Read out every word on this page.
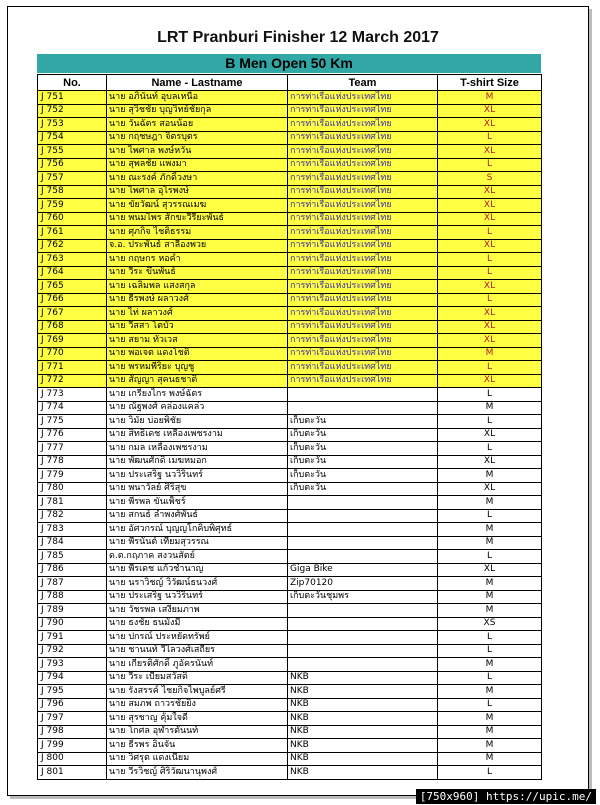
LRT Pranburi Finisher 12 March 2017
B Men Open 50 Km
No.	Name - Lastname	Team	T-shirt Size
J 751	นาย อภินันท์ อุบลเหนือ	การท่าเรือแห่งประเทศไทย	M
J 752	นาย สุวิชชัย บุญวิทย์ชัยกุล	การท่าเรือแห่งประเทศไทย	XL
J 753	นาย วันฉัตร สอนน้อย	การท่าเรือแห่งประเทศไทย	XL
J 754	นาย กฤชษฎา จิตรบุตร	การท่าเรือแห่งประเทศไทย	L
J 755	นาย ไพศาล พงษ์หวัน	การท่าเรือแห่งประเทศไทย	XL
J 756	นาย สุพลชัย แพงมา	การท่าเรือแห่งประเทศไทย	L
J 757	นาย ณะรงค์ ภักดิ์วงษา	การท่าเรือแห่งประเทศไทย	S
J 758	นาย ไพศาล อุไรพงษ์	การท่าเรือแห่งประเทศไทย	XL
J 759	นาย ขัยวัฒน์ สุวรรณเมฆ	การท่าเรือแห่งประเทศไทย	XL
J 760	นาย พนมไพร สักขะวีรียะพันธ์	การท่าเรือแห่งประเทศไทย	XL
J 761	นาย ศุภกิจ ไชติธรรม	การท่าเรือแห่งประเทศไทย	L
J 762	จ.อ. ประพันธ์ สาลีองพวย	การท่าเรือแห่งประเทศไทย	XL
J 763	นาย กฤษกร หอคำ	การท่าเรือแห่งประเทศไทย	L
J 764	นาย วีระ ขึ้นพันธ์	การท่าเรือแห่งประเทศไทย	L
J 765	นาย เฉลิมพล แสงสกุล	การท่าเรือแห่งประเทศไทย	XL
J 766	นาย ธีรพงษ์ ผลาวงศ์	การท่าเรือแห่งประเทศไทย	L
J 767	นาย ไท่ ผลาวงศ์	การท่าเรือแห่งประเทศไทย	XL
J 768	นาย วีสสา โตบัว	การท่าเรือแห่งประเทศไทย	XL
J 769	นาย สยาม ทัวเวส	การท่าเรือแห่งประเทศไทย	XL
J 770	นาย พอเจต แดงโชติ	การท่าเรือแห่งประเทศไทย	M
J 771	นาย พรหมพีริยะ บุญชู	การท่าเรือแห่งประเทศไทย	L
J 772	นาย สัญญา สุคนธชาติ	การท่าเรือแห่งประเทศไทย	XL
J 773	นาย เกรียงไกร พงษ์ฉัตร		L
J 774	นาย ณัฐพงศ์ คล่องแคล่ว		M
J 775	นาย วิมัย บ่อยพิชัย	เก็บตะวัน	L
J 776	นาย สิทธิเดช เหลืองเพชรงาม	เก็บตะวัน	XL
J 777	นาย กมล เหลืองเพชรงาม	เก็บตะวัน	L
J 778	นาย พัฒนศักดิ์ เมฆหมอก	เก็บตะวัน	XL
J 779	นาย ประเสริฐ นววิรินทร์	เก็บตะวัน	M
J 780	นาย พนาวัลย์ ศิริสุข	เก็บตะวัน	XL
J 781	นาย พีรพล ขันเพ็ชร์		M
J 782	นาย สกนธ์ ลำพงศ์พันธ์		L
J 783	นาย อัศวกรณ์ บุญญโกคิบพิศุทธ์		M
J 784	นาย พีรนันต์ เทียมสุวรรณ		M
J 785	ด.ต.กฤภาค สงวนสัตย์		L
J 786	นาย พีรเดช แก้วชำนาญ	Giga Bike	XL
J 787	นาย นราวิชญ์ วิวัฒน์ธนวงศ์	Zip70120	M
J 788	นาย ประเสริฐ นววิรินทร์	เก็บตะวันชุมพร	M
J 789	นาย วัชรพล เสงี่ยมภาพ		M
J 790	นาย ธงชัย ธนมังมี		XS
J 791	นาย ปกรณ์ ประหยัดทรัพย์		L
J 792	นาย ชานนท์ วีไลวงศ์เสถียร		L
J 793	นาย เกียรติศักดิ์ ภูอัครนันท์		M
J 794	นาย วีระ เบี้ยมสวัสดิ์	NKB	L
J 795	นาย รังสรรค์ ไชยกิจไพบูลย์ศรี	NKB	M
J 796	นาย สมภพ ถาวรชัยยิ่ง	NKB	L
J 797	นาย สุรชาญ คุ้มใจดี	NKB	M
J 798	นาย โกศล อุฬารตันนท์	NKB	M
J 799	นาย ธีรพร อินจัน	NKB	M
J 800	นาย วิศรุต แดงเนียม	NKB	M
J 801	นาย วีรวิชญ์ ศิริวัฒนานุพงศ์	NKB	L
[750x960] https://upic.me/
